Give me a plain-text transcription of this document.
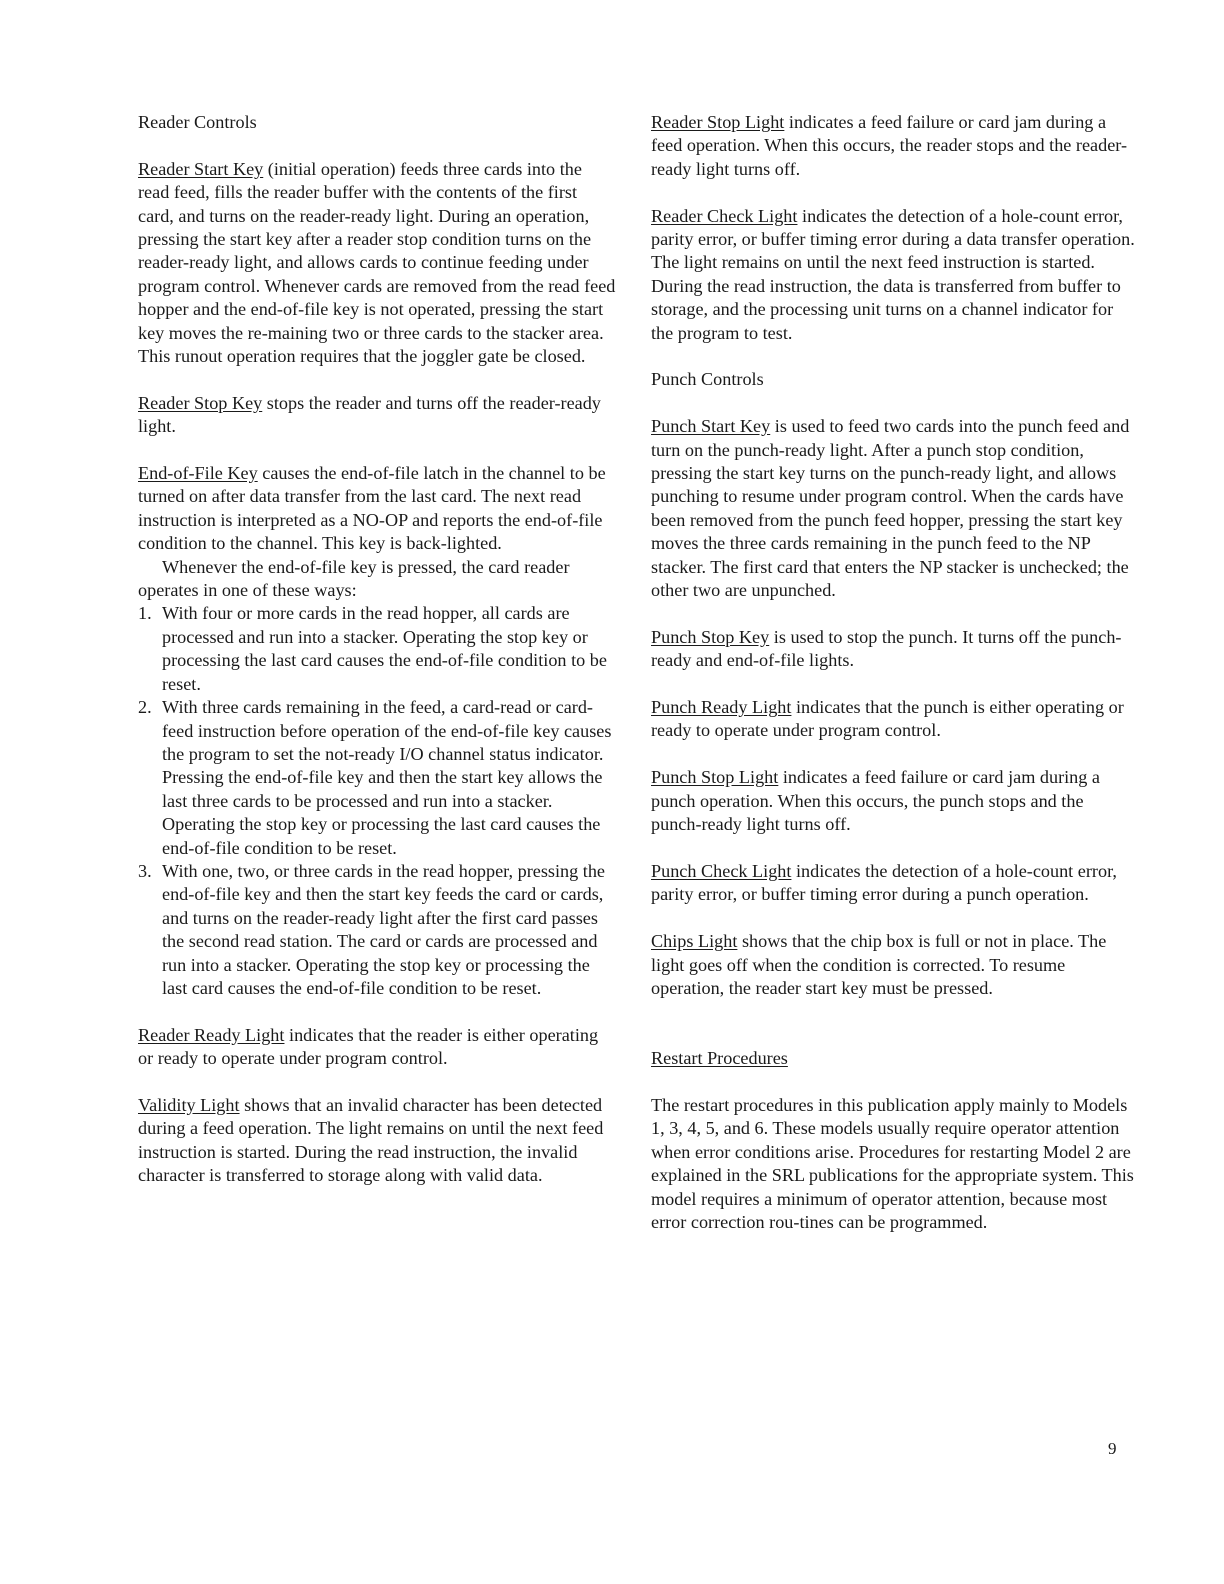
Reader Controls

Reader Start Key (initial operation) feeds three cards into the read feed, fills the reader buffer with the contents of the first card, and turns on the reader-ready light. During an operation, pressing the start key after a reader stop condition turns on the reader-ready light, and allows cards to continue feeding under program control. Whenever cards are removed from the read feed hopper and the end-of-file key is not operated, pressing the start key moves the re-maining two or three cards to the stacker area. This runout operation requires that the joggler gate be closed.

Reader Stop Key stops the reader and turns off the reader-ready light.

End-of-File Key causes the end-of-file latch in the channel to be turned on after data transfer from the last card. The next read instruction is interpreted as a NO-OP and reports the end-of-file condition to the channel. This key is back-lighted.

Whenever the end-of-file key is pressed, the card reader operates in one of these ways:

1. With four or more cards in the read hopper, all cards are processed and run into a stacker. Operating the stop key or processing the last card causes the end-of-file condition to be reset.
2. With three cards remaining in the feed, a card-read or card-feed instruction before operation of the end-of-file key causes the program to set the not-ready I/O channel status indicator. Pressing the end-of-file key and then the start key allows the last three cards to be processed and run into a stacker. Operating the stop key or processing the last card causes the end-of-file condition to be reset.
3. With one, two, or three cards in the read hopper, pressing the end-of-file key and then the start key feeds the card or cards, and turns on the reader-ready light after the first card passes the second read station. The card or cards are processed and run into a stacker. Operating the stop key or processing the last card causes the end-of-file condition to be reset.

Reader Ready Light indicates that the reader is either operating or ready to operate under program control.

Validity Light shows that an invalid character has been detected during a feed operation. The light remains on until the next feed instruction is started. During the read instruction, the invalid character is transferred to storage along with valid data.

Reader Stop Light indicates a feed failure or card jam during a feed operation. When this occurs, the reader stops and the reader-ready light turns off.

Reader Check Light indicates the detection of a hole-count error, parity error, or buffer timing error during a data transfer operation. The light remains on until the next feed instruction is started. During the read instruction, the data is transferred from buffer to storage, and the processing unit turns on a channel indicator for the program to test.

Punch Controls

Punch Start Key is used to feed two cards into the punch feed and turn on the punch-ready light. After a punch stop condition, pressing the start key turns on the punch-ready light, and allows punching to resume under program control. When the cards have been removed from the punch feed hopper, pressing the start key moves the three cards remaining in the punch feed to the NP stacker. The first card that enters the NP stacker is unchecked; the other two are unpunched.

Punch Stop Key is used to stop the punch. It turns off the punch-ready and end-of-file lights.

Punch Ready Light indicates that the punch is either operating or ready to operate under program control.

Punch Stop Light indicates a feed failure or card jam during a punch operation. When this occurs, the punch stops and the punch-ready light turns off.

Punch Check Light indicates the detection of a hole-count error, parity error, or buffer timing error during a punch operation.

Chips Light shows that the chip box is full or not in place. The light goes off when the condition is corrected. To resume operation, the reader start key must be pressed.

Restart Procedures

The restart procedures in this publication apply mainly to Models 1, 3, 4, 5, and 6. These models usually require operator attention when error conditions arise. Procedures for restarting Model 2 are explained in the SRL publications for the appropriate system. This model requires a minimum of operator attention, because most error correction rou-tines can be programmed.

9
